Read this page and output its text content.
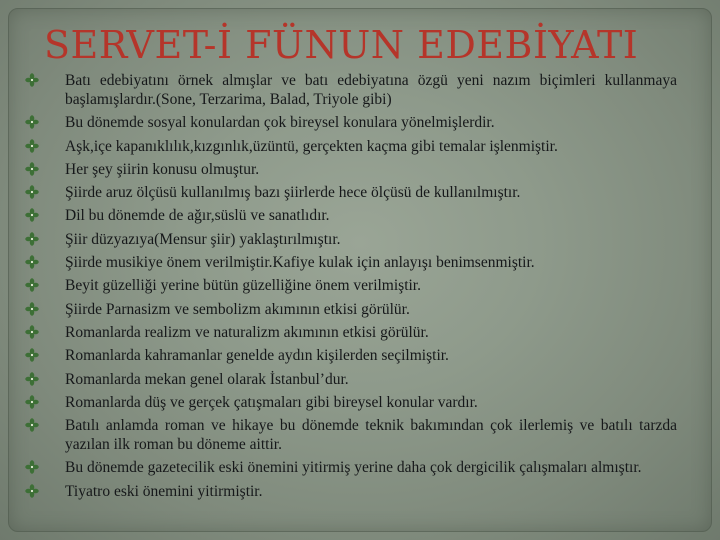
SERVET-İ FÜNUN EDEBİYATI
Batı edebiyatını örnek almışlar ve batı edebiyatına özgü yeni nazım biçimleri kullanmaya başlamışlardır.(Sone, Terzarima, Balad, Triyole gibi)
Bu dönemde sosyal konulardan çok bireysel konulara yönelmişlerdir.
Aşk,içe kapanıklılık,kızgınlık,üzüntü, gerçekten kaçma gibi temalar işlenmiştir.
Her şey şiirin konusu olmuştur.
Şiirde aruz ölçüsü kullanılmış bazı şiirlerde hece ölçüsü de kullanılmıştır.
Dil bu dönemde de ağır,süslü ve sanatlıdır.
Şiir düzyazıya(Mensur şiir) yaklaştırılmıştır.
Şiirde musikiye önem verilmiştir.Kafiye kulak için anlayışı benimsenmiştir.
Beyit güzelliği yerine bütün güzelliğine önem verilmiştir.
Şiirde Parnasizm ve sembolizm akımının etkisi görülür.
Romanlarda realizm ve naturalizm akımının etkisi görülür.
Romanlarda kahramanlar genelde aydın kişilerden seçilmiştir.
Romanlarda mekan genel olarak İstanbul’dur.
Romanlarda düş ve gerçek çatışmaları gibi bireysel konular vardır.
Batılı anlamda roman ve hikaye bu dönemde teknik bakımından çok ilerlemiş ve batılı tarzda yazılan ilk roman bu döneme aittir.
Bu dönemde gazetecilik eski önemini yitirmiş yerine daha çok dergicilik çalışmaları almıştır.
Tiyatro eski önemini yitirmiştir.
